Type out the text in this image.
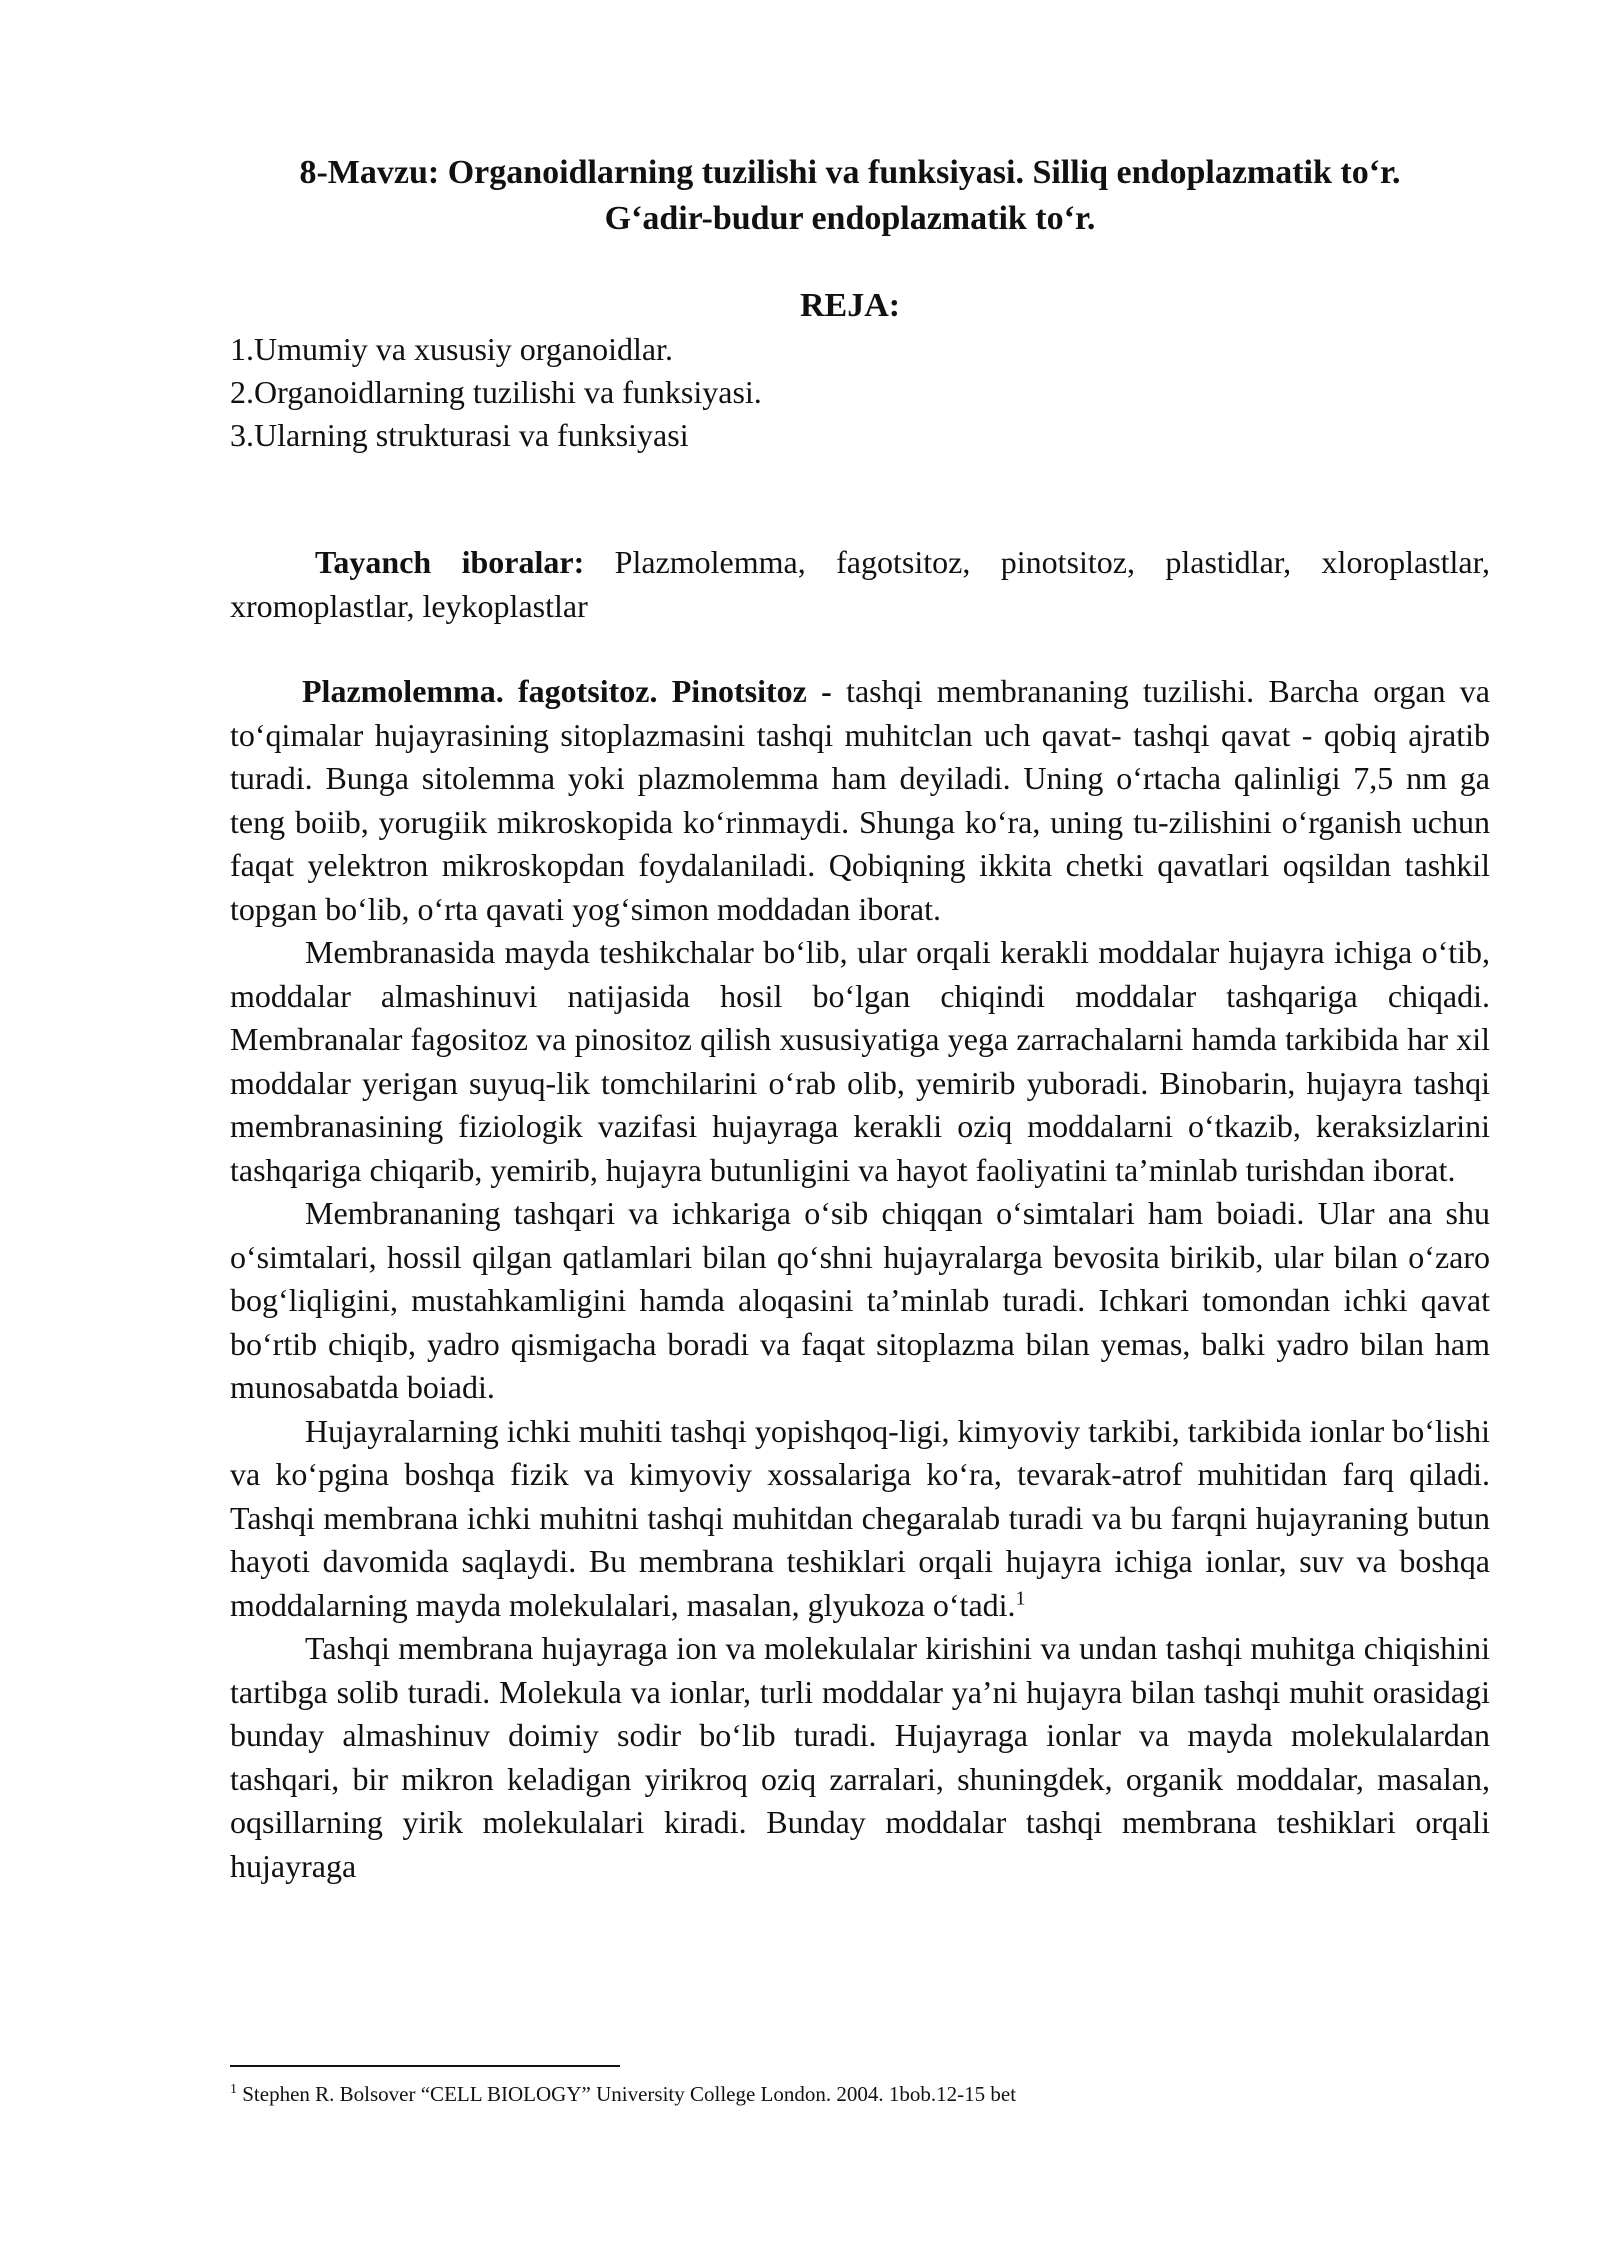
8-Mavzu: Organoidlarning tuzilishi va funksiyasi. Silliq endoplazmatik to‘r.
G‘adir-budur endoplazmatik to‘r.
REJA:
1.Umumiy va xususiy organoidlar.
2.Organoidlarning tuzilishi va funksiyasi.
3.Ularning strukturasi va funksiyasi

Tayanch iboralar: Plazmolemma, fagotsitoz, pinotsitoz, plastidlar, xloroplastlar, xromoplastlar, leykoplastlar

Plazmolemma. fagotsitoz. Pinotsitoz - tashqi membrananing tuzilishi. Barcha organ va to‘qimalar hujayrasining sitoplazmasini tashqi muhitclan uch qavat- tashqi qavat - qobiq ajratib turadi. Bunga sitolemma yoki plazmolemma ham deyiladi. Uning o‘rtacha qalinligi 7,5 nm ga teng boiib, yorugiik mikroskopida ko‘rinmaydi. Shunga ko‘ra, uning tu-zilishini o‘rganish uchun faqat yelektron mikroskopdan foydalaniladi. Qobiqning ikkita chetki qavatlari oqsildan tashkil topgan bo‘lib, o‘rta qavati yog‘simon moddadan iborat.
Membranasida mayda teshikchalar bo‘lib, ular orqali kerakli moddalar hujayra ichiga o‘tib, moddalar almashinuvi natijasida hosil bo‘lgan chiqindi moddalar tashqariga chiqadi. Membranalar fagositoz va pinositoz qilish xususiyatiga yega zarrachalarni hamda tarkibida har xil moddalar yerigan suyuq-lik tomchilarini o‘rab olib, yemirib yuboradi. Binobarin, hujayra tashqi membranasining fiziologik vazifasi hujayraga kerakli oziq moddalarni o‘tkazib, keraksizlarini tashqariga chiqarib, yemirib, hujayra butunligini va hayot faoliyatini ta’minlab turishdan iborat.
Membrananing tashqari va ichkariga o‘sib chiqqan o‘simtalari ham boiadi. Ular ana shu o‘simtalari, hossil qilgan qatlamlari bilan qo‘shni hujayralarga bevosita birikib, ular bilan o‘zaro bog‘liqligini, mustahkamligini hamda aloqasini ta’minlab turadi. Ichkari tomondan ichki qavat bo‘rtib chiqib, yadro qismigacha boradi va faqat sitoplazma bilan yemas, balki yadro bilan ham munosabatda boiadi.
Hujayralarning ichki muhiti tashqi yopishqoq-ligi, kimyoviy tarkibi, tarkibida ionlar bo‘lishi va ko‘pgina boshqa fizik va kimyoviy xossalariga ko‘ra, tevarak-atrof muhitidan farq qiladi. Tashqi membrana ichki muhitni tashqi muhitdan chegaralab turadi va bu farqni hujayraning butun hayoti davomida saqlaydi. Bu membrana teshiklari orqali hujayra ichiga ionlar, suv va boshqa moddalarning mayda molekulalari, masalan, glyukoza o‘tadi.$^1$
Tashqi membrana hujayraga ion va molekulalar kirishini va undan tashqi muhitga chiqishini tartibga solib turadi. Molekula va ionlar, turli moddalar ya’ni hujayra bilan tashqi muhit orasidagi bunday almashinuv doimiy sodir bo‘lib turadi. Hujayraga ionlar va mayda molekulalardan tashqari, bir mikron keladigan yirikroq oziq zarralari, shuningdek, organik moddalar, masalan, oqsillarning yirik molekulalari kiradi. Bunday moddalar tashqi membrana teshiklari orqali hujayraga
$^1$ Stephen R. Bolsover “CELL BIOLOGY” University College London. 2004. 1bob.12-15 bet
